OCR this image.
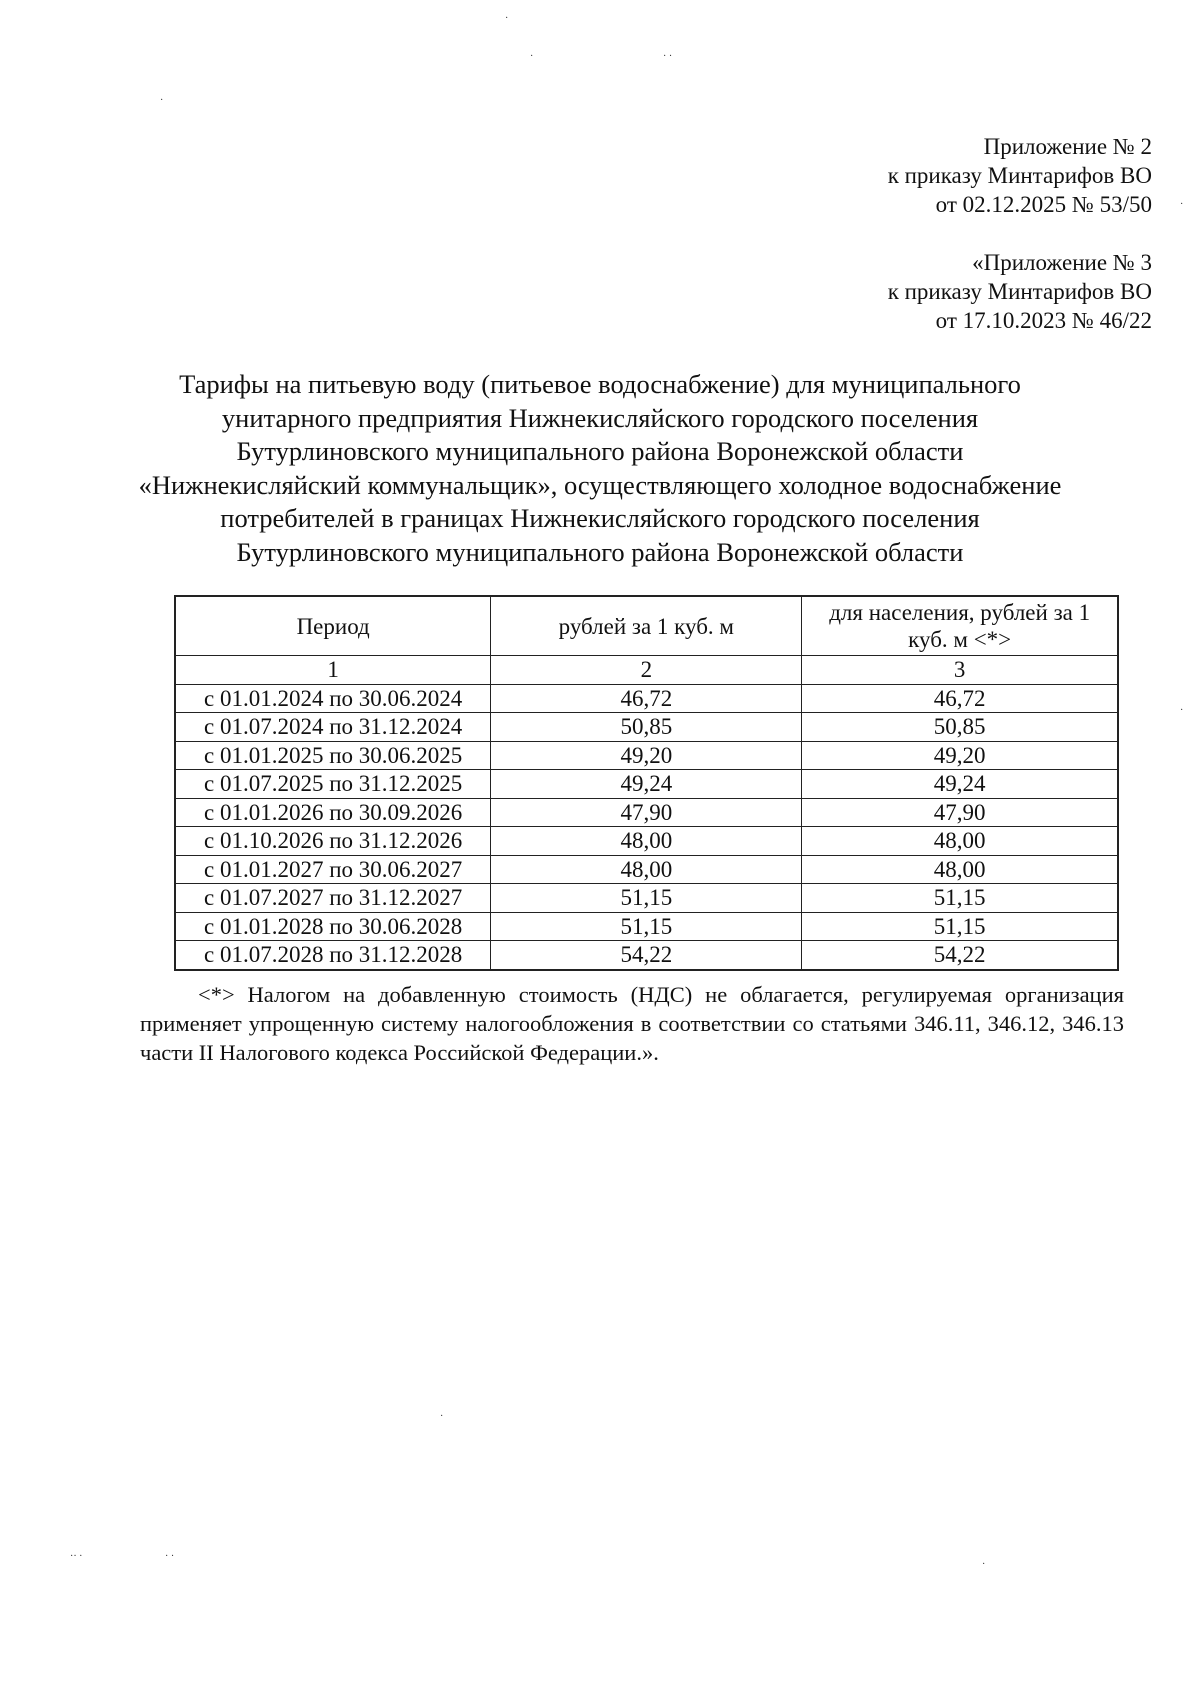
Приложение № 2
к приказу Минтарифов ВО
от 02.12.2025 № 53/50
«Приложение № 3
к приказу Минтарифов ВО
от 17.10.2023 № 46/22
Тарифы на питьевую воду (питьевое водоснабжение) для муниципального
унитарного предприятия Нижнекисляйского городского поселения
Бутурлиновского муниципального района Воронежской области
«Нижнекисляйский коммунальщик», осуществляющего холодное водоснабжение
потребителей в границах Нижнекисляйского городского поселения
Бутурлиновского муниципального района Воронежской области
Период	рублей за 1 куб. м	для населения, рублей за 1 куб. м <*>
1	2	3
с 01.01.2024 по 30.06.2024	46,72	46,72
с 01.07.2024 по 31.12.2024	50,85	50,85
с 01.01.2025 по 30.06.2025	49,20	49,20
с 01.07.2025 по 31.12.2025	49,24	49,24
с 01.01.2026 по 30.09.2026	47,90	47,90
с 01.10.2026 по 31.12.2026	48,00	48,00
с 01.01.2027 по 30.06.2027	48,00	48,00
с 01.07.2027 по 31.12.2027	51,15	51,15
с 01.01.2028 по 30.06.2028	51,15	51,15
с 01.07.2028 по 31.12.2028	54,22	54,22
<*> Налогом на добавленную стоимость (НДС) не облагается, регулируемая организация применяет упрощенную систему налогообложения в соответствии со статьями 346.11, 346.12, 346.13 части II Налогового кодекса Российской Федерации.».
·
·	· ·
·
·
·
·
·· ·	· ·
·
